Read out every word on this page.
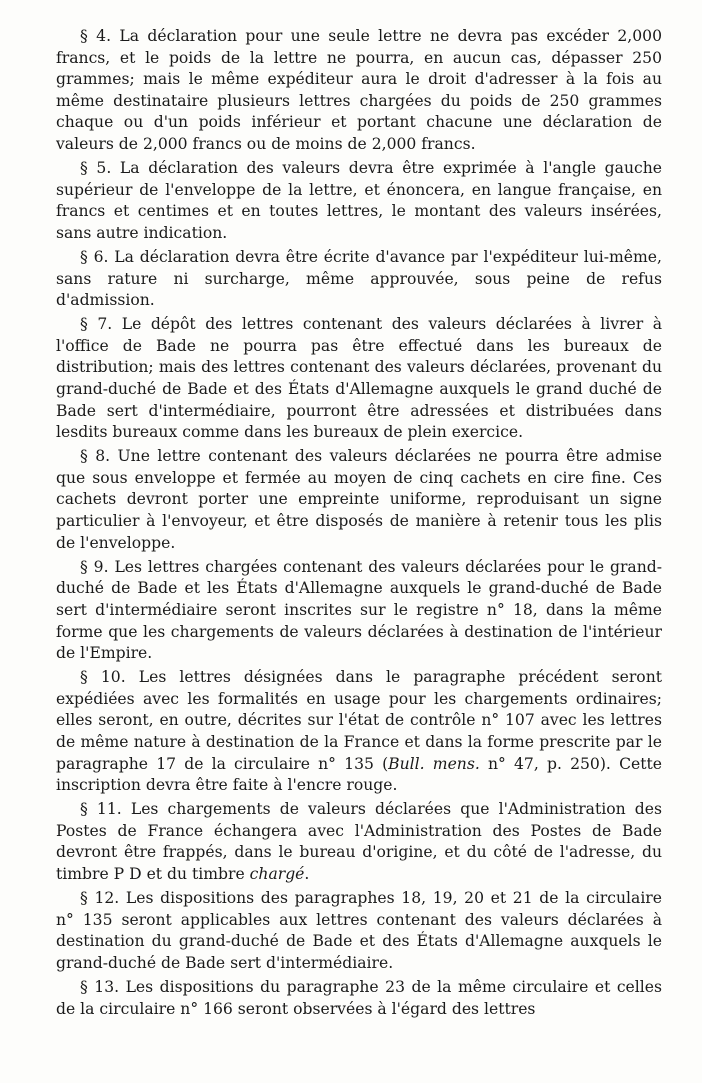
§ 4. La déclaration pour une seule lettre ne devra pas excéder 2,000 francs, et le poids de la lettre ne pourra, en aucun cas, dépasser 250 grammes; mais le même expéditeur aura le droit d'adresser à la fois au même destinataire plusieurs lettres chargées du poids de 250 grammes chaque ou d'un poids inférieur et portant chacune une déclaration de valeurs de 2,000 francs ou de moins de 2,000 francs.

§ 5. La déclaration des valeurs devra être exprimée à l'angle gauche supérieur de l'enveloppe de la lettre, et énoncera, en langue française, en francs et centimes et en toutes lettres, le montant des valeurs insérées, sans autre indication.

§ 6. La déclaration devra être écrite d'avance par l'expéditeur lui-même, sans rature ni surcharge, même approuvée, sous peine de refus d'admission.

§ 7. Le dépôt des lettres contenant des valeurs déclarées à livrer à l'office de Bade ne pourra pas être effectué dans les bureaux de distribution; mais des lettres contenant des valeurs déclarées, provenant du grand-duché de Bade et des États d'Allemagne auxquels le grand duché de Bade sert d'intermédiaire, pourront être adressées et distribuées dans lesdits bureaux comme dans les bureaux de plein exercice.

§ 8. Une lettre contenant des valeurs déclarées ne pourra être admise que sous enveloppe et fermée au moyen de cinq cachets en cire fine. Ces cachets devront porter une empreinte uniforme, reproduisant un signe particulier à l'envoyeur, et être disposés de manière à retenir tous les plis de l'enveloppe.

§ 9. Les lettres chargées contenant des valeurs déclarées pour le grand-duché de Bade et les États d'Allemagne auxquels le grand-duché de Bade sert d'intermédiaire seront inscrites sur le registre n° 18, dans la même forme que les chargements de valeurs déclarées à destination de l'intérieur de l'Empire.

§ 10. Les lettres désignées dans le paragraphe précédent seront expédiées avec les formalités en usage pour les chargements ordinaires; elles seront, en outre, décrites sur l'état de contrôle n° 107 avec les lettres de même nature à destination de la France et dans la forme prescrite par le paragraphe 17 de la circulaire n° 135 (Bull. mens. n° 47, p. 250). Cette inscription devra être faite à l'encre rouge.

§ 11. Les chargements de valeurs déclarées que l'Administration des Postes de France échangera avec l'Administration des Postes de Bade devront être frappés, dans le bureau d'origine, et du côté de l'adresse, du timbre P D et du timbre chargé.

§ 12. Les dispositions des paragraphes 18, 19, 20 et 21 de la circulaire n° 135 seront applicables aux lettres contenant des valeurs déclarées à destination du grand-duché de Bade et des États d'Allemagne auxquels le grand-duché de Bade sert d'intermédiaire.

§ 13. Les dispositions du paragraphe 23 de la même circulaire et celles de la circulaire n° 166 seront observées à l'égard des lettres
